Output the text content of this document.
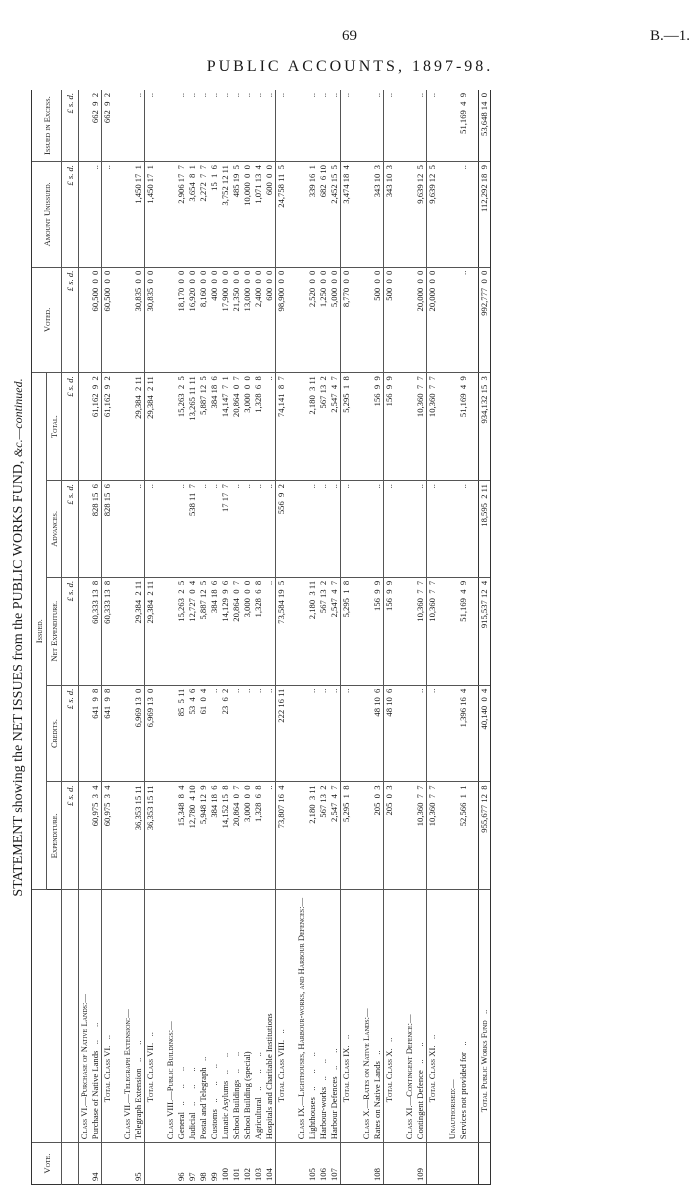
69	B.—1.
PUBLIC ACCOUNTS, 1897-98.
STATEMENT showing the NET ISSUES from the PUBLIC WORKS FUND, &c.—continued.
Vote.		Issued.					Voted.	Amount Unissued.	Issued in Excess.
		Expenditure.	Credits.	Net Expenditure.	Advances.	Total.			
		£ s. d.	£ s. d.	£ s. d.	£ s. d.	£ s. d.	£ s. d.	£ s. d.	£ s. d.
	Class VI.—Purchase of Native Lands:—								
94	Purchase of Native Lands   ..      ..	60,975  3  4	641  9  8	60,333 13  8	828 15  6	61,162  9  2	60,500  0  0	..	662  9  2
	Total Class VI.   ..	60,975  3  4	641  9  8	60,333 13  8	828 15  6	61,162  9  2	60,500  0  0	..	662  9  2

	Class VII.—Telegraph Extension:—								
95	Telegraph Extension   ..      ..	36,353 15 11	6,969 13  0	29,384  2 11	..	29,384  2 11	30,835  0  0	1,450 17  1	..
	Total Class VII.   ..	36,353 15 11	6,969 13  0	29,384  2 11	..	29,384  2 11	30,835  0  0	1,450 17  1	..

	Class VIII.—Public Buildings:—								
96	General   ..      ..      ..	15,348  8  4	85  5 11	15,263  2  5	..	15,263  2  5	18,170  0  0	2,906 17  7	..
97	Judicial   ..      ..      ..	12,780  4 10	53  4  6	12,727  0  4	538 11  7	13,265 11 11	16,920  0  0	3,654  8  1	..
98	Postal and Telegraph   ..	5,948 12  9	61  0  4	5,887 12  5	..	5,887 12  5	8,160  0  0	2,272  7  7	..
99	Customs   ..      ..      ..	384 18  6	..	384 18  6	..	384 18  6	400  0  0	15  1  6	..
100	Lunatic Asylums   ..      ..	14,152 15  8	23  6  2	14,129  9  6	17 17  7	14,147  7  1	17,900  0  0	3,752 12 11	..
101	School Buildings   ..      ..	20,864  0  7	..	20,864  0  7	..	20,864  0  7	21,350  0  0	485 19  5	..
102	School Building (special)	3,000  0  0	..	3,000  0  0	..	3,000  0  0	13,000  0  0	10,000  0  0	..
103	Agricultural   ..      ..      ..	1,328  6  8	..	1,328  6  8	..	1,328  6  8	2,400  0  0	1,071 13  4	..
104	Hospitals and Charitable Institutions	..	..	..	..	..	600  0  0	600  0  0	..
	Total Class VIII.   ..	73,807 16  4	222 16 11	73,584 19  5	556  9  2	74,141  8  7	98,900  0  0	24,758 11  5	..

	Class IX.—Lighthouses, Harbour-works, and Harbour Defences:—								
105	Lighthouses   ..      ..      ..	2,180  3 11	..	2,180  3 11	..	2,180  3 11	2,520  0  0	339 16  1	..
106	Harbour-works   ..      ..	567 13  2	..	567 13  2	..	567 13  2	1,250  0  0	682  6 10	..
107	Harbour Defences   ..      ..	2,547  4  7	..	2,547  4  7	..	2,547  4  7	5,000  0  0	2,452 15  5	..
	Total Class IX.   ..	5,295  1  8	..	5,295  1  8	..	5,295  1  8	8,770  0  0	3,474 18  4	..

	Class X.—Rates on Native Lands:—								
108	Rates on Native Lands   ..	205  0  3	48 10  6	156  9  9	..	156  9  9	500  0  0	343 10  3	..
	Total Class X.   ..	205  0  3	48 10  6	156  9  9	..	156  9  9	500  0  0	343 10  3	..

	Class XI.—Contingent Defence:—								
109	Contingent Defence   ..      ..	10,360  7  7	..	10,360  7  7	..	10,360  7  7	20,000  0  0	9,639 12  5	..
	Total Class XI.   ..	10,360  7  7	..	10,360  7  7	..	10,360  7  7	20,000  0  0	9,639 12  5	..

	Unauthorised:—								
	Services not provided for   ..	52,566  1  1	1,396 16  4	51,169  4  9	..	51,169  4  9	..	..	51,169  4  9

	Total Public Works Fund   ..	955,677 12  8	40,140  0  4	915,537 12  4	18,595  2 11	934,132 15  3	992,777  0  0	112,292 18  9	53,648 14  0
